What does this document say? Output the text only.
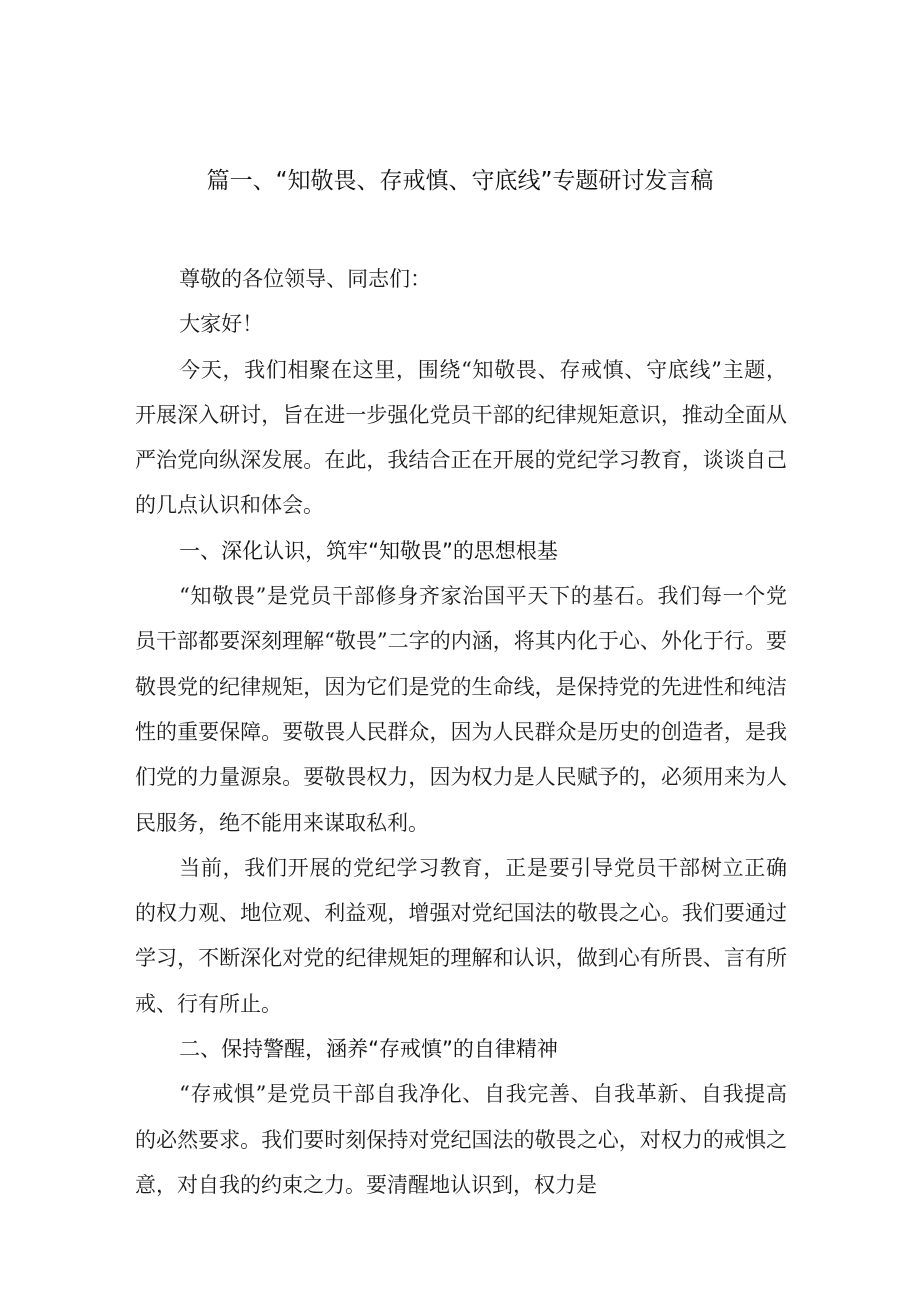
篇一、“知敬畏、存戒慎、守底线”专题研讨发言稿

尊敬的各位领导、同志们：

大家好！

今天，我们相聚在这里，围绕“知敬畏、存戒慎、守底线”主题，开展深入研讨，旨在进一步强化党员干部的纪律规矩意识，推动全面从严治党向纵深发展。在此，我结合正在开展的党纪学习教育，谈谈自己的几点认识和体会。

一、深化认识，筑牢“知敬畏”的思想根基

“知敬畏”是党员干部修身齐家治国平天下的基石。我们每一个党员干部都要深刻理解“敬畏”二字的内涵，将其内化于心、外化于行。要敬畏党的纪律规矩，因为它们是党的生命线，是保持党的先进性和纯洁性的重要保障。要敬畏人民群众，因为人民群众是历史的创造者，是我们党的力量源泉。要敬畏权力，因为权力是人民赋予的，必须用来为人民服务，绝不能用来谋取私利。

当前，我们开展的党纪学习教育，正是要引导党员干部树立正确的权力观、地位观、利益观，增强对党纪国法的敬畏之心。我们要通过学习，不断深化对党的纪律规矩的理解和认识，做到心有所畏、言有所戒、行有所止。

二、保持警醒，涵养“存戒慎”的自律精神

“存戒惧”是党员干部自我净化、自我完善、自我革新、自我提高的必然要求。我们要时刻保持对党纪国法的敬畏之心，对权力的戒惧之意，对自我的约束之力。要清醒地认识到，权力是
